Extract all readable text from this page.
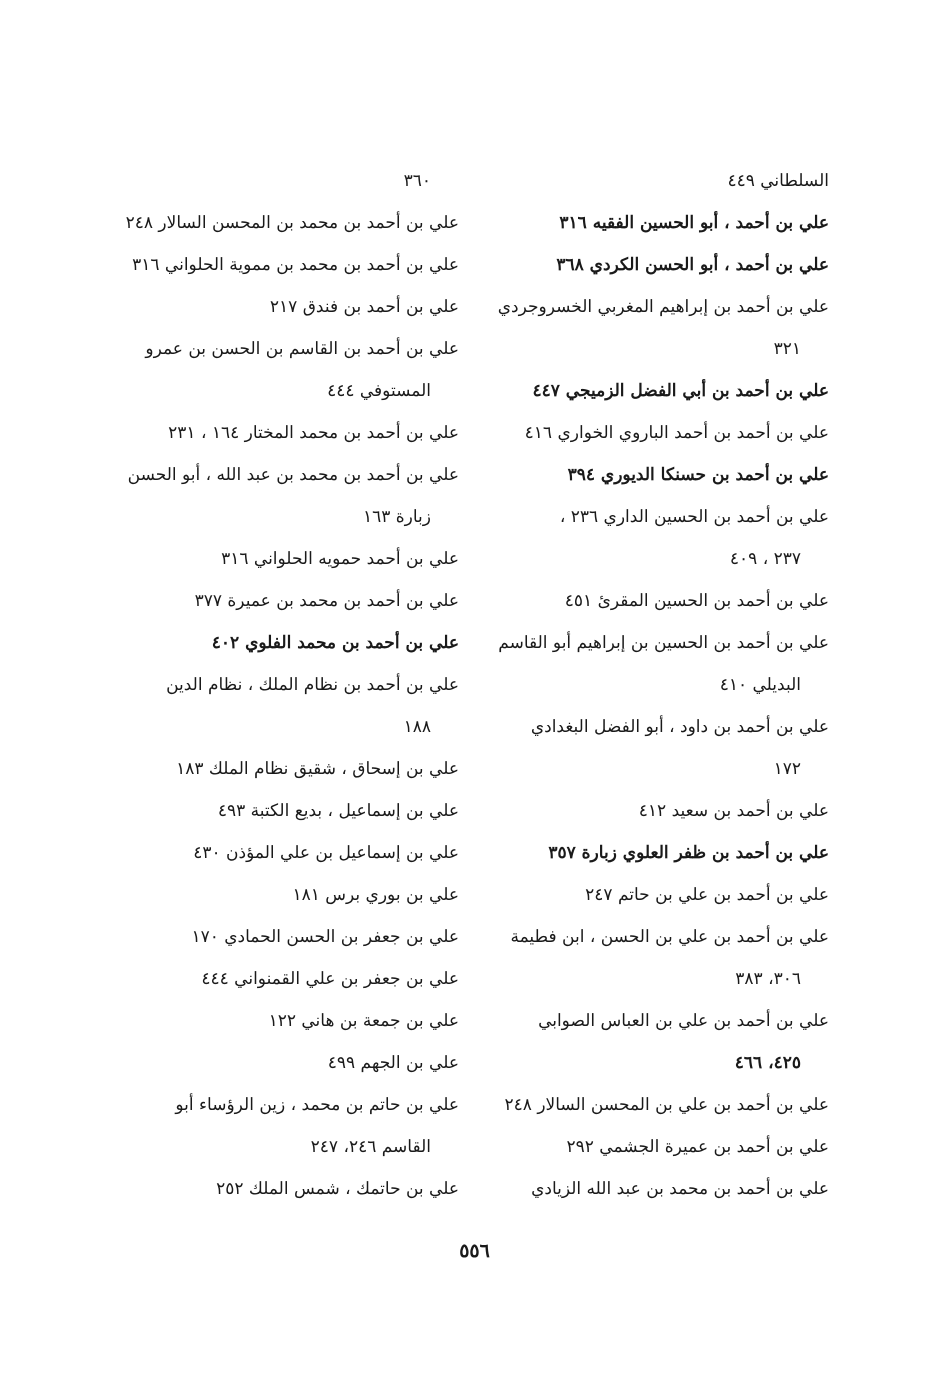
السلطاني ٤٤٩
علي بن أحمد ، أبو الحسين الفقيه ٣١٦
علي بن أحمد ، أبو الحسن الكردي ٣٦٨
علي بن أحمد بن إبراهيم المغربي الخسروجردي
٣٢١
علي بن أحمد بن أبي الفضل الزميجي ٤٤٧
علي بن أحمد بن أحمد الباروي الخواري ٤١٦
علي بن أحمد بن حسنكا الديوري ٣٩٤
علي بن أحمد بن الحسين الداري ٢٣٦ ،
٢٣٧ ، ٤٠٩
علي بن أحمد بن الحسين المقرئ ٤٥١
علي بن أحمد بن الحسين بن إبراهيم أبو القاسم
البديلي ٤١٠
علي بن أحمد بن داود ، أبو الفضل البغدادي
١٧٢
علي بن أحمد بن سعيد ٤١٢
علي بن أحمد بن ظفر العلوي زبارة ٣٥٧
علي بن أحمد بن علي بن حاتم ٢٤٧
علي بن أحمد بن علي بن الحسن ، ابن فطيمة
٣٠٦، ٣٨٣
علي بن أحمد بن علي بن العباس الصوابي
٤٢٥، ٤٦٦
علي بن أحمد بن علي بن المحسن السالار ٢٤٨
علي بن أحمد بن عميرة الجشمي ٢٩٢
علي بن أحمد بن محمد بن عبد الله الزيادي
٣٦٠
علي بن أحمد بن محمد بن المحسن السالار ٢٤٨
علي بن أحمد بن محمد بن مموية الحلواني ٣١٦
علي بن أحمد بن فندق ٢١٧
علي بن أحمد بن القاسم بن الحسن بن عمرو
المستوفي ٤٤٤
علي بن أحمد بن محمد المختار ١٦٤ ، ٢٣١
علي بن أحمد بن محمد بن عبد الله ، أبو الحسن
زبارة ١٦٣
علي بن أحمد حمويه الحلواني ٣١٦
علي بن أحمد بن محمد بن عميرة ٣٧٧
علي بن أحمد بن محمد الفلوي ٤٠٢
علي بن أحمد بن نظام الملك ، نظام الدين
١٨٨
علي بن إسحاق ، شقيق نظام الملك ١٨٣
علي بن إسماعيل ، بديع الكتبة ٤٩٣
علي بن إسماعيل بن علي المؤذن ٤٣٠
علي بن بوري برس ١٨١
علي بن جعفر بن الحسن الحمادي ١٧٠
علي بن جعفر بن علي القمنواني ٤٤٤
علي بن جمعة بن هاني ١٢٢
علي بن الجهم ٤٩٩
علي بن حاتم بن محمد ، زين الرؤساء أبو
القاسم ٢٤٦، ٢٤٧
علي بن حاتمك ، شمس الملك ٢٥٢
٥٥٦
